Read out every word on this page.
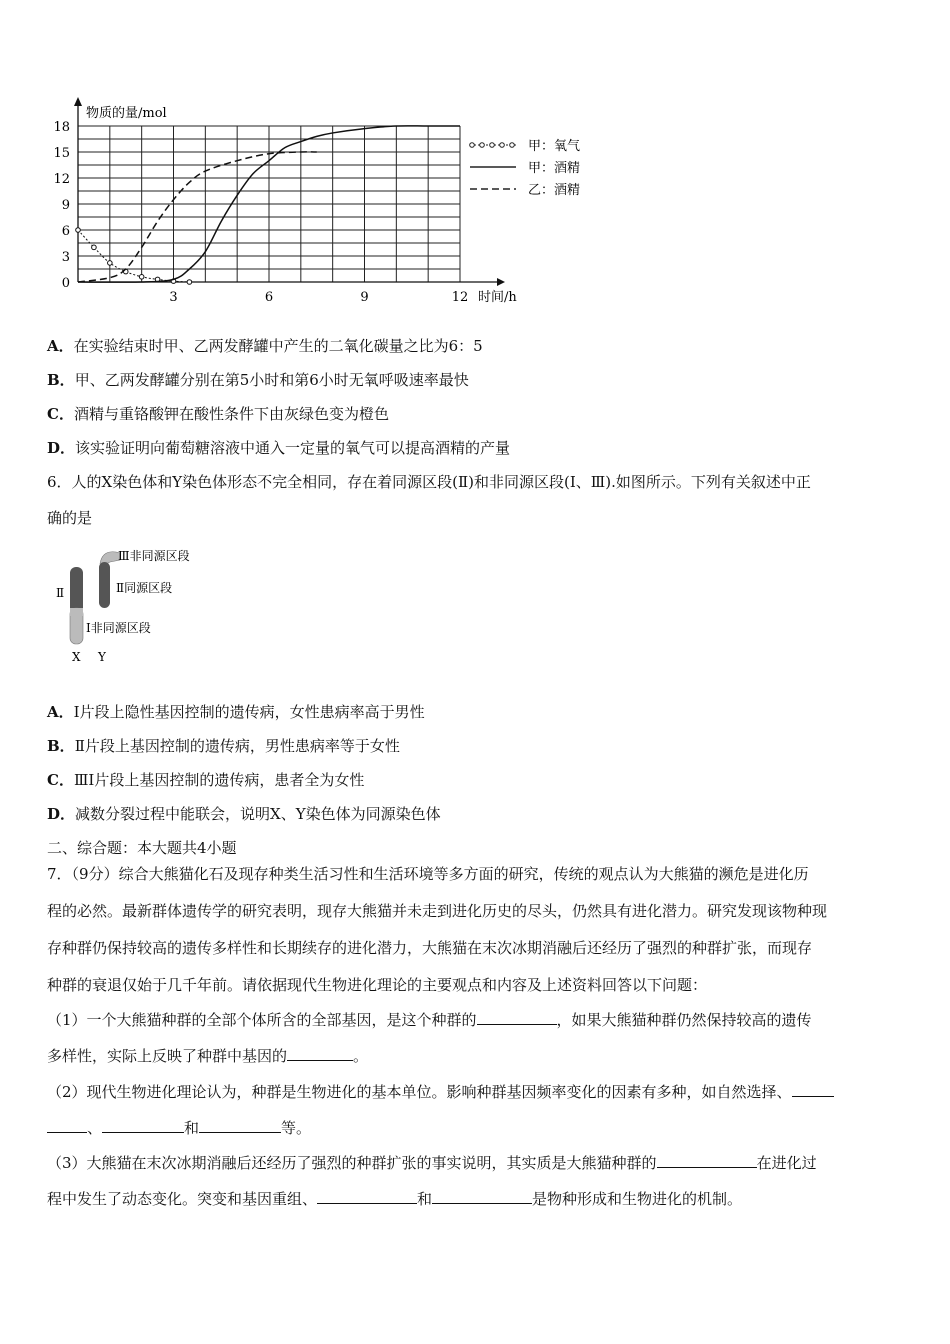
0
3
6
9
12
15
18
3	6	9	12
物质的量/mol
时间/h
甲：氧气
甲：酒精
乙：酒精
A．在实验结束时甲、乙两发酵罐中产生的二氧化碳量之比为6：5
B．甲、乙两发酵罐分别在第5小时和第6小时无氧呼吸速率最快
C．酒精与重铬酸钾在酸性条件下由灰绿色变为橙色
D．该实验证明向葡萄糖溶液中通入一定量的氧气可以提高酒精的产量
6．人的X染色体和Y染色体形态不完全相同，存在着同源区段(Ⅱ)和非同源区段(Ⅰ、Ⅲ).如图所示。下列有关叙述中正
确的是
Ⅲ非同源区段
Ⅱ同源区段
Ⅱ
Ⅰ非同源区段
X Y
A．I片段上隐性基因控制的遗传病，女性患病率高于男性
B．Ⅱ片段上基因控制的遗传病，男性患病率等于女性
C．ⅢI片段上基因控制的遗传病，患者全为女性
D．减数分裂过程中能联会，说明X、Y染色体为同源染色体
二、综合题：本大题共4小题
7．（9分）综合大熊猫化石及现存种类生活习性和生活环境等多方面的研究，传统的观点认为大熊猫的濒危是进化历
程的必然。最新群体遗传学的研究表明，现存大熊猫并未走到进化历史的尽头，仍然具有进化潜力。研究发现该物种现
存种群仍保持较高的遗传多样性和长期续存的进化潜力，大熊猫在末次冰期消融后还经历了强烈的种群扩张，而现存
种群的衰退仅始于几千年前。请依据现代生物进化理论的主要观点和内容及上述资料回答以下问题：
（1）一个大熊猫种群的全部个体所含的全部基因，是这个种群的	，如果大熊猫种群仍然保持较高的遗传
多样性，实际上反映了种群中基因的	。
（2）现代生物进化理论认为，种群是生物进化的基本单位。影响种群基因频率变化的因素有多种，如自然选择、
、	和	等。
（3）大熊猫在末次冰期消融后还经历了强烈的种群扩张的事实说明，其实质是大熊猫种群的	在进化过
程中发生了动态变化。突变和基因重组、	和	是物种形成和生物进化的机制。
